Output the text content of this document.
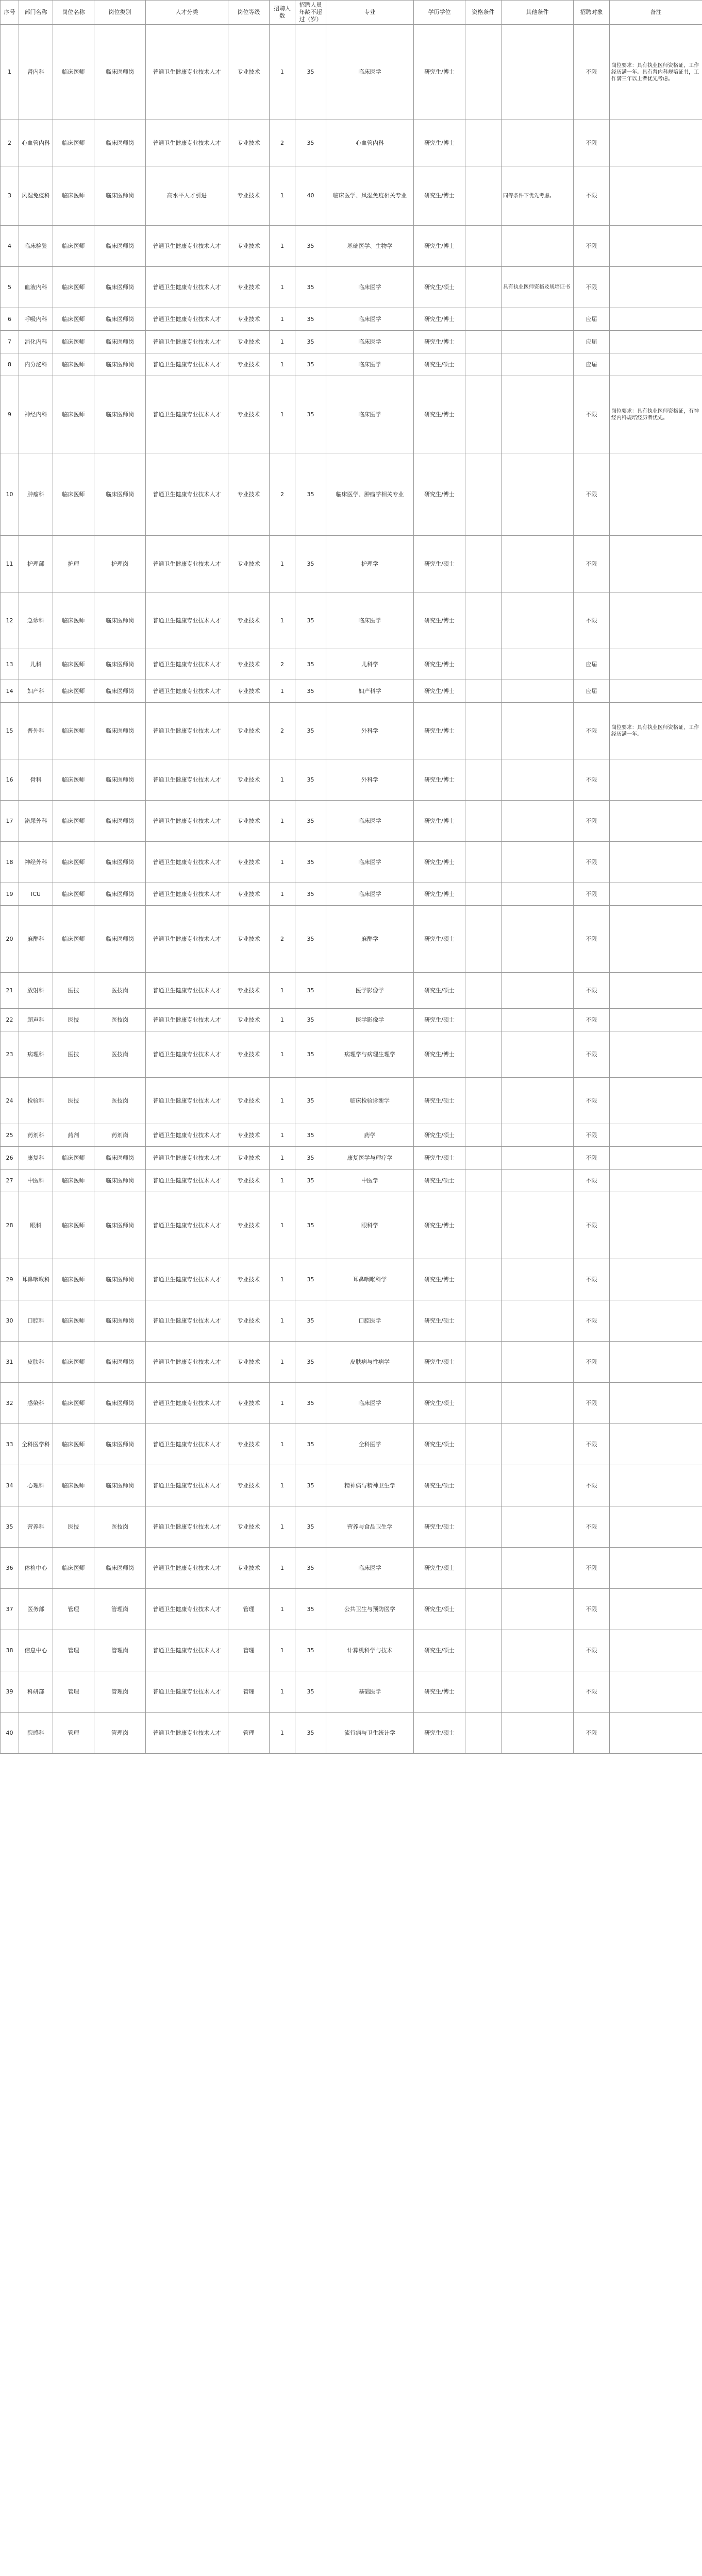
序号	部门名称	岗位名称	岗位类别	人才分类	岗位等级	招聘人数	招聘人员年龄不超过（岁）	专业	学历学位	资格条件	其他条件	招聘对象	备注
1	肾内科	临床医师	临床医师岗	普通卫生健康专业技术人才	专业技术	1	35	临床医学	研究生/博士			不限	岗位要求：具有执业医师资格证，工作经历满一年。具有肾内科规培证书，工作满三年以上者优先考虑。
2	心血管内科	临床医师	临床医师岗	普通卫生健康专业技术人才	专业技术	2	35	心血管内科	研究生/博士			不限	
3	风湿免疫科	临床医师	临床医师岗	高水平人才引进	专业技术	1	40	临床医学、风湿免疫相关专业	研究生/博士		同等条件下优先考虑。	不限	
4	临床检验	临床医师	临床医师岗	普通卫生健康专业技术人才	专业技术	1	35	基础医学、生物学	研究生/博士			不限	
5	血液内科	临床医师	临床医师岗	普通卫生健康专业技术人才	专业技术	1	35	临床医学	研究生/硕士		具有执业医师资格及规培证书	不限	
6	呼吸内科	临床医师	临床医师岗	普通卫生健康专业技术人才	专业技术	1	35	临床医学	研究生/博士			应届	
7	消化内科	临床医师	临床医师岗	普通卫生健康专业技术人才	专业技术	1	35	临床医学	研究生/博士			应届	
8	内分泌科	临床医师	临床医师岗	普通卫生健康专业技术人才	专业技术	1	35	临床医学	研究生/硕士			应届	
9	神经内科	临床医师	临床医师岗	普通卫生健康专业技术人才	专业技术	1	35	临床医学	研究生/博士			不限	岗位要求：具有执业医师资格证，有神经内科规培经历者优先。
10	肿瘤科	临床医师	临床医师岗	普通卫生健康专业技术人才	专业技术	2	35	临床医学、肿瘤学相关专业	研究生/博士			不限	
11	护理部	护理	护理岗	普通卫生健康专业技术人才	专业技术	1	35	护理学	研究生/硕士			不限	
12	急诊科	临床医师	临床医师岗	普通卫生健康专业技术人才	专业技术	1	35	临床医学	研究生/博士			不限	
13	儿科	临床医师	临床医师岗	普通卫生健康专业技术人才	专业技术	2	35	儿科学	研究生/博士			应届	
14	妇产科	临床医师	临床医师岗	普通卫生健康专业技术人才	专业技术	1	35	妇产科学	研究生/博士			应届	
15	普外科	临床医师	临床医师岗	普通卫生健康专业技术人才	专业技术	2	35	外科学	研究生/博士			不限	岗位要求：具有执业医师资格证，工作经历满一年。
16	骨科	临床医师	临床医师岗	普通卫生健康专业技术人才	专业技术	1	35	外科学	研究生/博士			不限	
17	泌尿外科	临床医师	临床医师岗	普通卫生健康专业技术人才	专业技术	1	35	临床医学	研究生/博士			不限	
18	神经外科	临床医师	临床医师岗	普通卫生健康专业技术人才	专业技术	1	35	临床医学	研究生/博士			不限	
19	ICU	临床医师	临床医师岗	普通卫生健康专业技术人才	专业技术	1	35	临床医学	研究生/博士			不限	
20	麻醉科	临床医师	临床医师岗	普通卫生健康专业技术人才	专业技术	2	35	麻醉学	研究生/硕士			不限	
21	放射科	医技	医技岗	普通卫生健康专业技术人才	专业技术	1	35	医学影像学	研究生/硕士			不限	
22	超声科	医技	医技岗	普通卫生健康专业技术人才	专业技术	1	35	医学影像学	研究生/硕士			不限	
23	病理科	医技	医技岗	普通卫生健康专业技术人才	专业技术	1	35	病理学与病理生理学	研究生/博士			不限	
24	检验科	医技	医技岗	普通卫生健康专业技术人才	专业技术	1	35	临床检验诊断学	研究生/硕士			不限	
25	药剂科	药剂	药剂岗	普通卫生健康专业技术人才	专业技术	1	35	药学	研究生/硕士			不限	
26	康复科	临床医师	临床医师岗	普通卫生健康专业技术人才	专业技术	1	35	康复医学与理疗学	研究生/硕士			不限	
27	中医科	临床医师	临床医师岗	普通卫生健康专业技术人才	专业技术	1	35	中医学	研究生/硕士			不限	
28	眼科	临床医师	临床医师岗	普通卫生健康专业技术人才	专业技术	1	35	眼科学	研究生/博士			不限	
29	耳鼻咽喉科	临床医师	临床医师岗	普通卫生健康专业技术人才	专业技术	1	35	耳鼻咽喉科学	研究生/博士			不限	
30	口腔科	临床医师	临床医师岗	普通卫生健康专业技术人才	专业技术	1	35	口腔医学	研究生/硕士			不限	
31	皮肤科	临床医师	临床医师岗	普通卫生健康专业技术人才	专业技术	1	35	皮肤病与性病学	研究生/硕士			不限	
32	感染科	临床医师	临床医师岗	普通卫生健康专业技术人才	专业技术	1	35	临床医学	研究生/硕士			不限	
33	全科医学科	临床医师	临床医师岗	普通卫生健康专业技术人才	专业技术	1	35	全科医学	研究生/硕士			不限	
34	心理科	临床医师	临床医师岗	普通卫生健康专业技术人才	专业技术	1	35	精神病与精神卫生学	研究生/硕士			不限	
35	营养科	医技	医技岗	普通卫生健康专业技术人才	专业技术	1	35	营养与食品卫生学	研究生/硕士			不限	
36	体检中心	临床医师	临床医师岗	普通卫生健康专业技术人才	专业技术	1	35	临床医学	研究生/硕士			不限	
37	医务部	管理	管理岗	普通卫生健康专业技术人才	管理	1	35	公共卫生与预防医学	研究生/硕士			不限	
38	信息中心	管理	管理岗	普通卫生健康专业技术人才	管理	1	35	计算机科学与技术	研究生/硕士			不限	
39	科研部	管理	管理岗	普通卫生健康专业技术人才	管理	1	35	基础医学	研究生/博士			不限	
40	院感科	管理	管理岗	普通卫生健康专业技术人才	管理	1	35	流行病与卫生统计学	研究生/硕士			不限	
